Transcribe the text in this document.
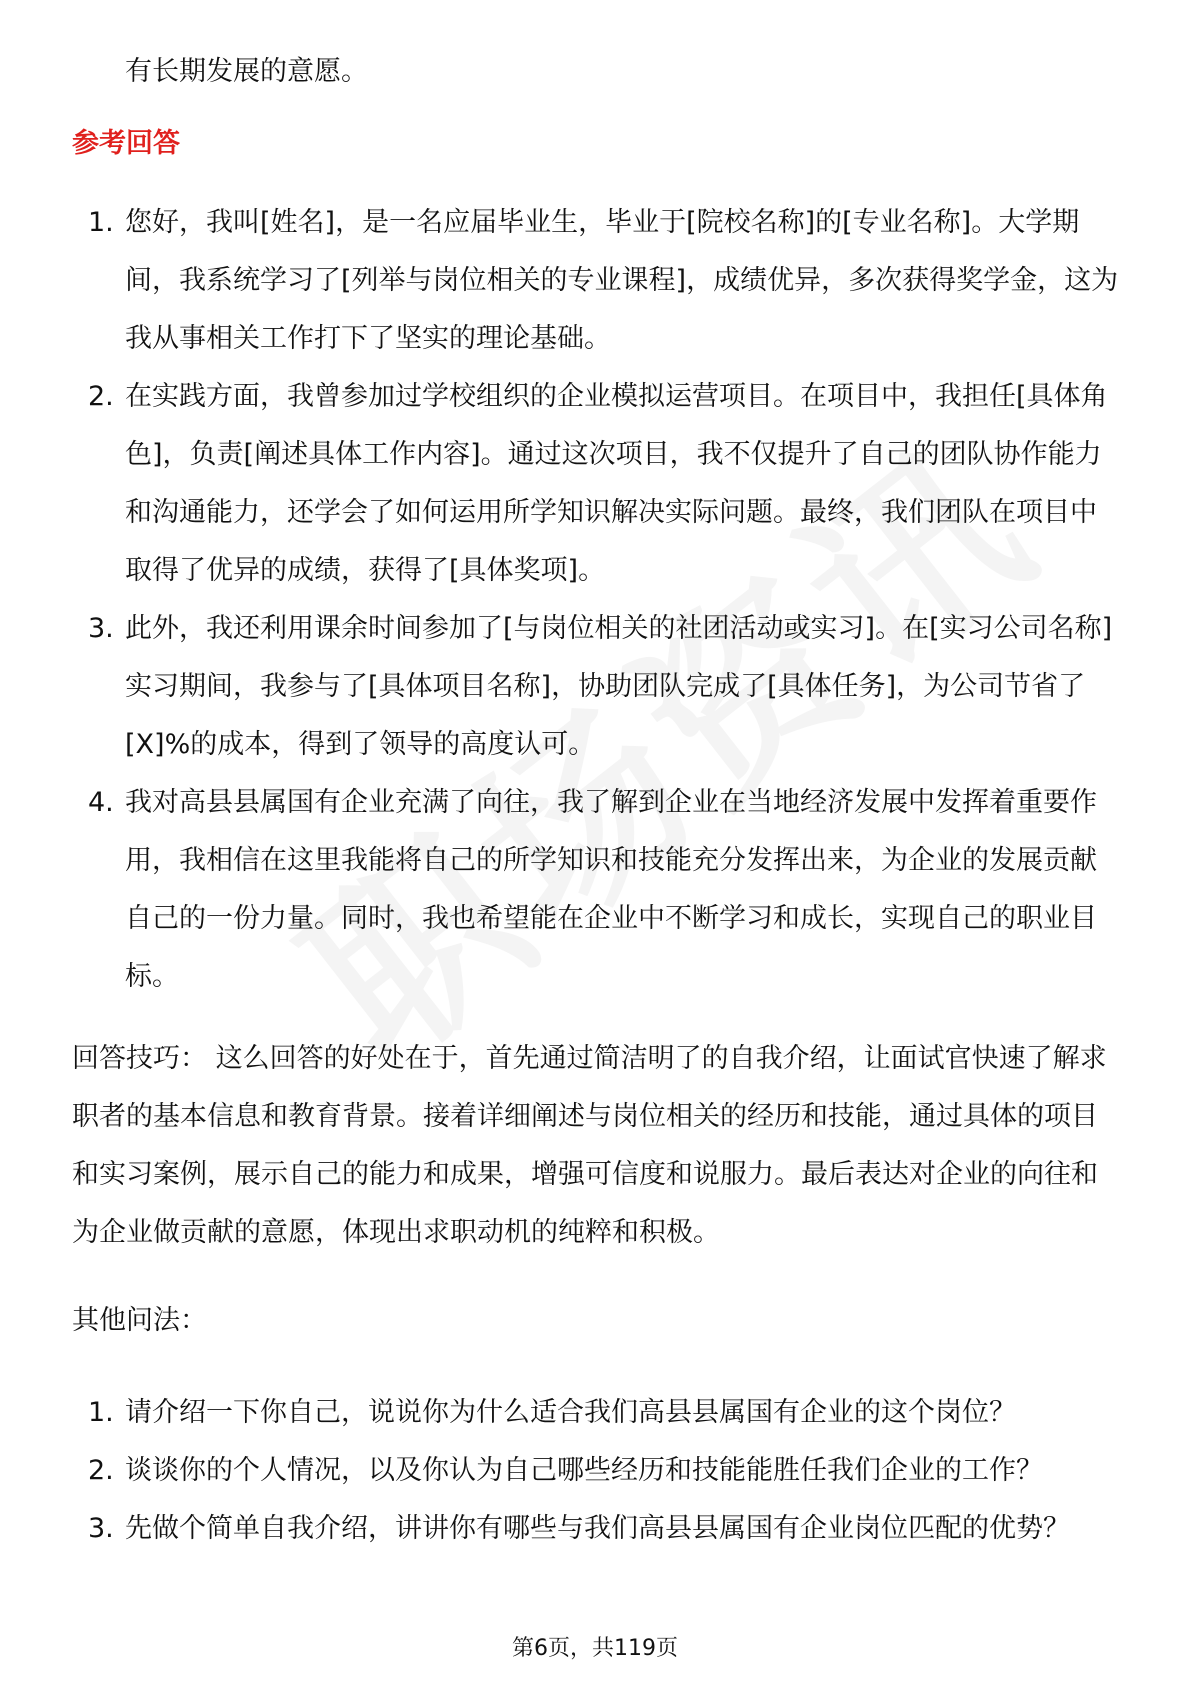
有长期发展的意愿。
参考回答
1. 您好，我叫[姓名]，是一名应届毕业生，毕业于[院校名称]的[专业名称]。大学期间，我系统学习了[列举与岗位相关的专业课程]，成绩优异，多次获得奖学金，这为我从事相关工作打下了坚实的理论基础。
2. 在实践方面，我曾参加过学校组织的企业模拟运营项目。在项目中，我担任[具体角色]，负责[阐述具体工作内容]。通过这次项目，我不仅提升了自己的团队协作能力和沟通能力，还学会了如何运用所学知识解决实际问题。最终，我们团队在项目中取得了优异的成绩，获得了[具体奖项]。
3. 此外，我还利用课余时间参加了[与岗位相关的社团活动或实习]。在[实习公司名称]实习期间，我参与了[具体项目名称]，协助团队完成了[具体任务]，为公司节省了[X]%的成本，得到了领导的高度认可。
4. 我对高县县属国有企业充满了向往，我了解到企业在当地经济发展中发挥着重要作用，我相信在这里我能将自己的所学知识和技能充分发挥出来，为企业的发展贡献自己的一份力量。同时，我也希望能在企业中不断学习和成长，实现自己的职业目标。
回答技巧： 这么回答的好处在于，首先通过简洁明了的自我介绍，让面试官快速了解求职者的基本信息和教育背景。接着详细阐述与岗位相关的经历和技能，通过具体的项目和实习案例，展示自己的能力和成果，增强可信度和说服力。最后表达对企业的向往和为企业做贡献的意愿，体现出求职动机的纯粹和积极。
其他问法：
1. 请介绍一下你自己，说说你为什么适合我们高县县属国有企业的这个岗位？
2. 谈谈你的个人情况，以及你认为自己哪些经历和技能能胜任我们企业的工作？
3. 先做个简单自我介绍，讲讲你有哪些与我们高县县属国有企业岗位匹配的优势？
第6页，共119页
